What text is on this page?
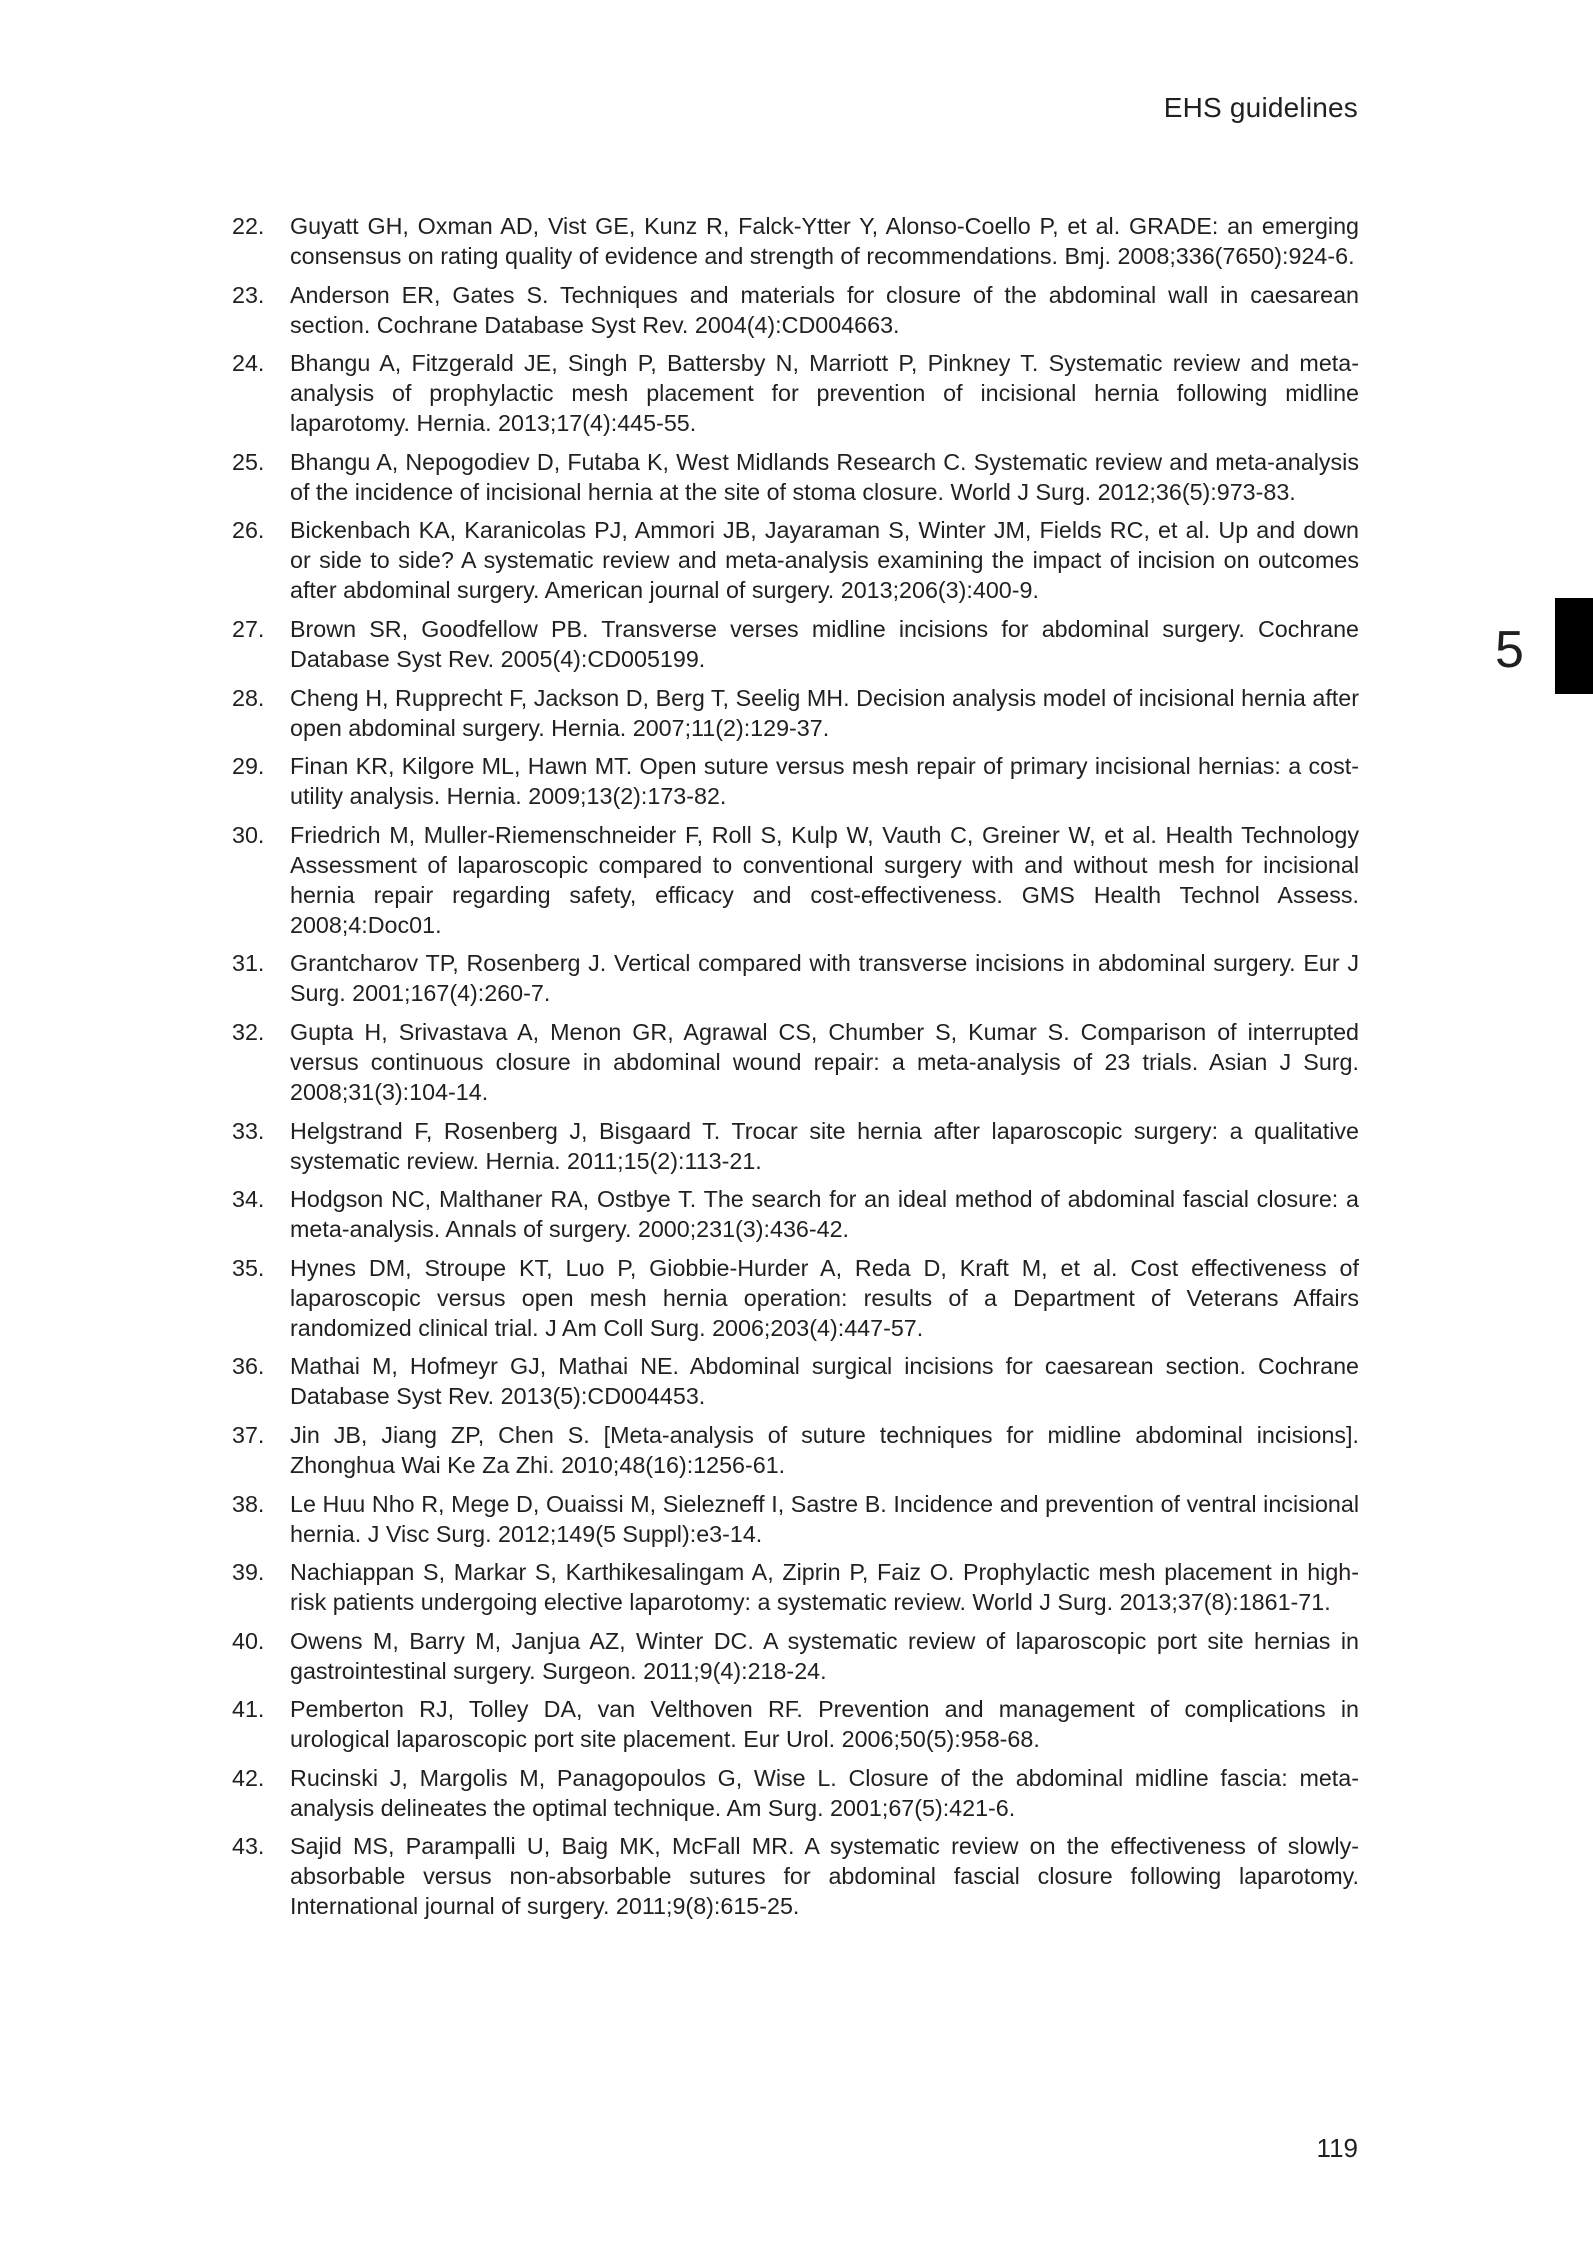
EHS guidelines
5
22.	Guyatt GH, Oxman AD, Vist GE, Kunz R, Falck-Ytter Y, Alonso-Coello P, et al. GRADE: an emerging consensus on rating quality of evidence and strength of recommendations. Bmj. 2008;336(7650):924-6.
23.	Anderson ER, Gates S. Techniques and materials for closure of the abdominal wall in caesarean section. Cochrane Database Syst Rev. 2004(4):CD004663.
24.	Bhangu A, Fitzgerald JE, Singh P, Battersby N, Marriott P, Pinkney T. Systematic review and meta-analysis of prophylactic mesh placement for prevention of incisional hernia following midline laparotomy. Hernia. 2013;17(4):445-55.
25.	Bhangu A, Nepogodiev D, Futaba K, West Midlands Research C. Systematic review and meta-analysis of the incidence of incisional hernia at the site of stoma closure. World J Surg. 2012;36(5):973-83.
26.	Bickenbach KA, Karanicolas PJ, Ammori JB, Jayaraman S, Winter JM, Fields RC, et al. Up and down or side to side? A systematic review and meta-analysis examining the impact of incision on outcomes after abdominal surgery. American journal of surgery. 2013;206(3):400-9.
27.	Brown SR, Goodfellow PB. Transverse verses midline incisions for abdominal surgery. Cochrane Database Syst Rev. 2005(4):CD005199.
28.	Cheng H, Rupprecht F, Jackson D, Berg T, Seelig MH. Decision analysis model of incisional hernia after open abdominal surgery. Hernia. 2007;11(2):129-37.
29.	Finan KR, Kilgore ML, Hawn MT. Open suture versus mesh repair of primary incisional hernias: a cost-utility analysis. Hernia. 2009;13(2):173-82.
30.	Friedrich M, Muller-Riemenschneider F, Roll S, Kulp W, Vauth C, Greiner W, et al. Health Technology Assessment of laparoscopic compared to conventional surgery with and without mesh for incisional hernia repair regarding safety, efficacy and cost-effectiveness. GMS Health Technol Assess. 2008;4:Doc01.
31.	Grantcharov TP, Rosenberg J. Vertical compared with transverse incisions in abdominal surgery. Eur J Surg. 2001;167(4):260-7.
32.	Gupta H, Srivastava A, Menon GR, Agrawal CS, Chumber S, Kumar S. Comparison of interrupted versus continuous closure in abdominal wound repair: a meta-analysis of 23 trials. Asian J Surg. 2008;31(3):104-14.
33.	Helgstrand F, Rosenberg J, Bisgaard T. Trocar site hernia after laparoscopic surgery: a qualitative systematic review. Hernia. 2011;15(2):113-21.
34.	Hodgson NC, Malthaner RA, Ostbye T. The search for an ideal method of abdominal fascial closure: a meta-analysis. Annals of surgery. 2000;231(3):436-42.
35.	Hynes DM, Stroupe KT, Luo P, Giobbie-Hurder A, Reda D, Kraft M, et al. Cost effectiveness of laparoscopic versus open mesh hernia operation: results of a Department of Veterans Affairs randomized clinical trial. J Am Coll Surg. 2006;203(4):447-57.
36.	Mathai M, Hofmeyr GJ, Mathai NE. Abdominal surgical incisions for caesarean section. Cochrane Database Syst Rev. 2013(5):CD004453.
37.	Jin JB, Jiang ZP, Chen S. [Meta-analysis of suture techniques for midline abdominal incisions]. Zhonghua Wai Ke Za Zhi. 2010;48(16):1256-61.
38.	Le Huu Nho R, Mege D, Ouaissi M, Sielezneff I, Sastre B. Incidence and prevention of ventral incisional hernia. J Visc Surg. 2012;149(5 Suppl):e3-14.
39.	Nachiappan S, Markar S, Karthikesalingam A, Ziprin P, Faiz O. Prophylactic mesh placement in high-risk patients undergoing elective laparotomy: a systematic review. World J Surg. 2013;37(8):1861-71.
40.	Owens M, Barry M, Janjua AZ, Winter DC. A systematic review of laparoscopic port site hernias in gastrointestinal surgery. Surgeon. 2011;9(4):218-24.
41.	Pemberton RJ, Tolley DA, van Velthoven RF. Prevention and management of complications in urological laparoscopic port site placement. Eur Urol. 2006;50(5):958-68.
42.	Rucinski J, Margolis M, Panagopoulos G, Wise L. Closure of the abdominal midline fascia: meta-analysis delineates the optimal technique. Am Surg. 2001;67(5):421-6.
43.	Sajid MS, Parampalli U, Baig MK, McFall MR. A systematic review on the effectiveness of slowly-absorbable versus non-absorbable sutures for abdominal fascial closure following laparotomy. International journal of surgery. 2011;9(8):615-25.
119
